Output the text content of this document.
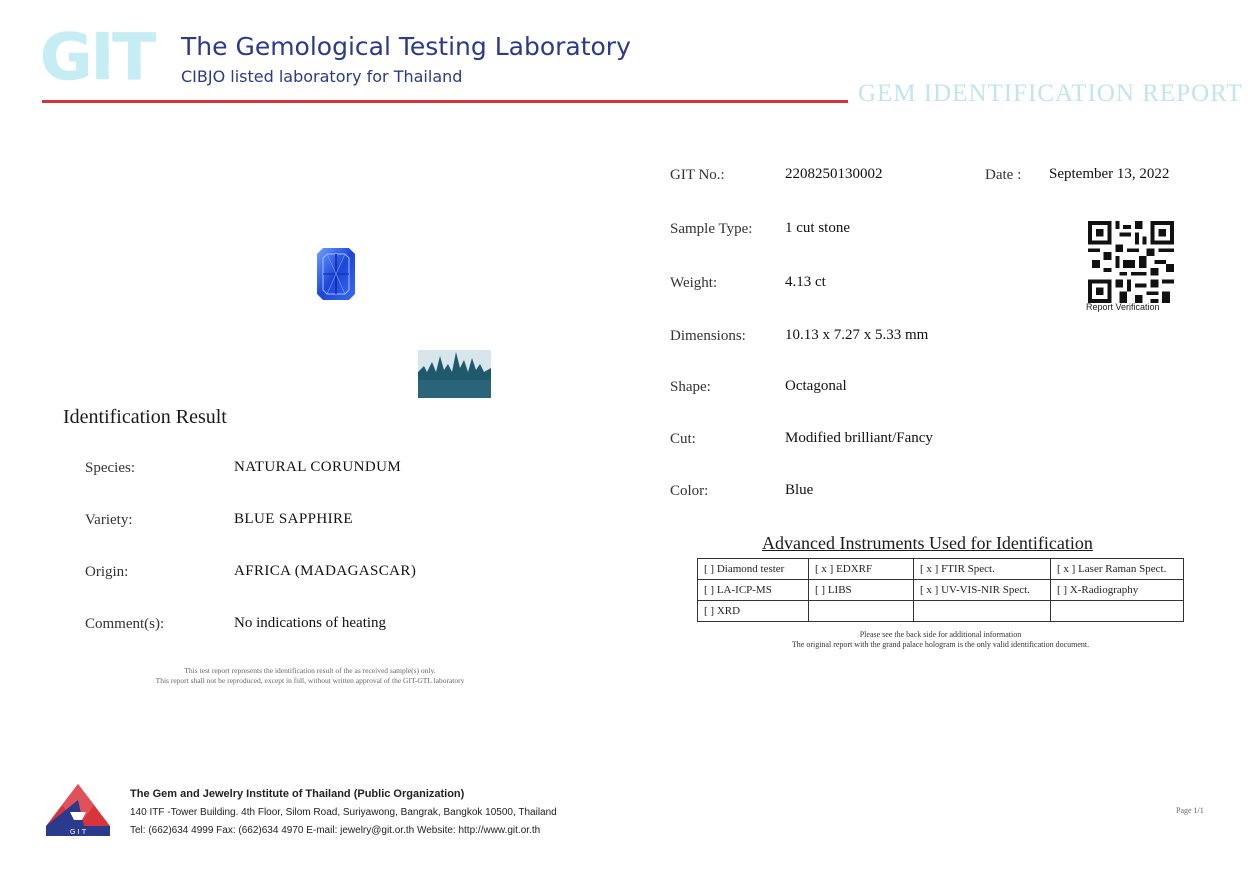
GIT The Gemological Testing Laboratory
CIBJO listed laboratory for Thailand
GEM IDENTIFICATION REPORT
Identification Result
Species:	NATURAL CORUNDUM
Variety:	BLUE SAPPHIRE
Origin:	AFRICA (MADAGASCAR)
Comment(s):	No indications of heating
This test report represents the identification result of the as received sample(s) only.
This report shall not be reproduced, except in full, without written approval of the GIT-GTL laboratory
GIT No.:	2208250130002	Date : September 13, 2022
Sample Type: 1 cut stone
Weight:	4.13 ct
Dimensions:	10.13 x 7.27 x 5.33 mm
Shape:	Octagonal
Cut:	Modified brilliant/Fancy
Color:	Blue
Report Verification
Advanced Instruments Used for Identification
[ ] Diamond tester	[ x ] EDXRF	[ x ] FTIR Spect.	[ x ] Laser Raman Spect.
[ ] LA-ICP-MS	[ ] LIBS	[ x ] UV-VIS-NIR Spect.	[ ] X-Radiography
[ ] XRD			
Please see the back side for additional information
The original report with the grand palace hologram is the only valid identification document.
G I T
The Gem and Jewelry Institute of Thailand (Public Organization)
140 ITF -Tower Building. 4th Floor, Silom Road, Suriyawong, Bangrak, Bangkok 10500, Thailand
Tel: (662)634 4999 Fax: (662)634 4970 E-mail: jewelry@git.or.th Website: http://www.git.or.th
Page 1/1
